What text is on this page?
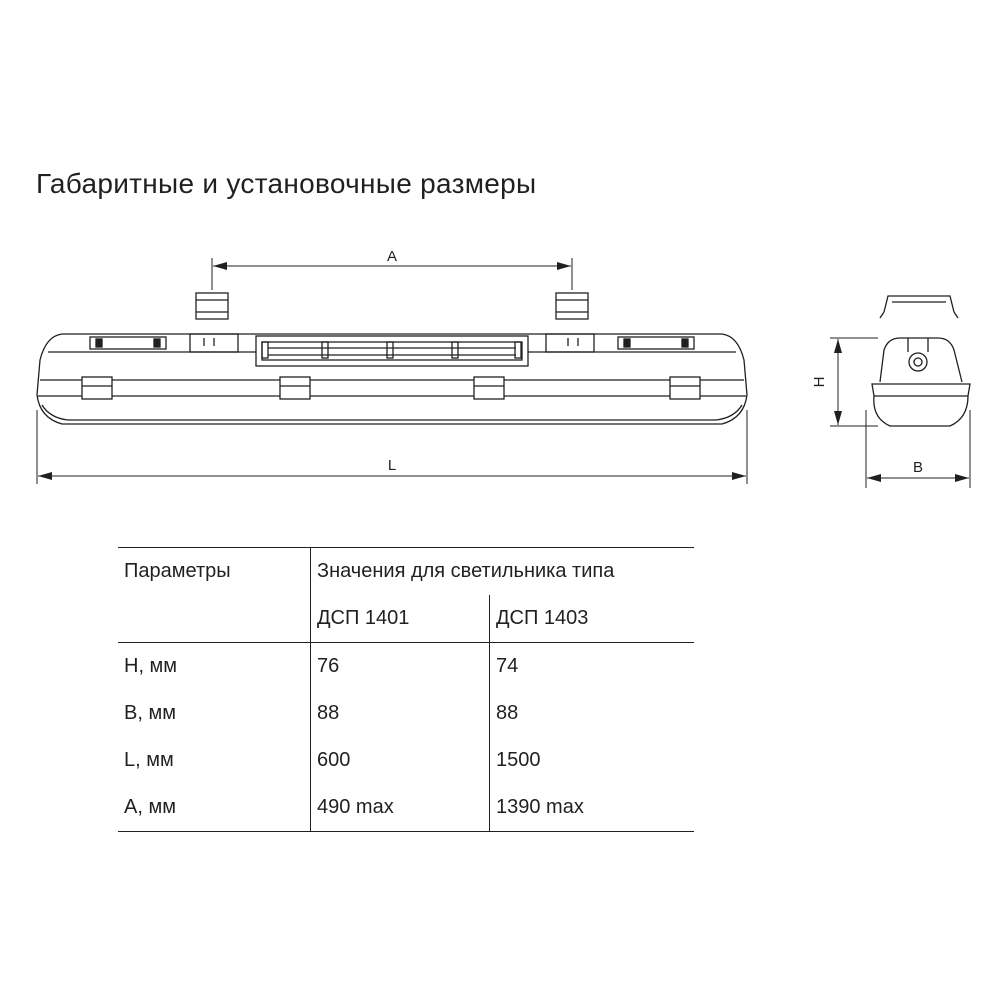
Габаритные и установочные размеры
A
L
H
B
Параметры	Значения для светильника типа	
	ДСП 1401	ДСП 1403
H, мм	76	74
B, мм	88	88
L, мм	600	1500
A, мм	490 max	1390 max
